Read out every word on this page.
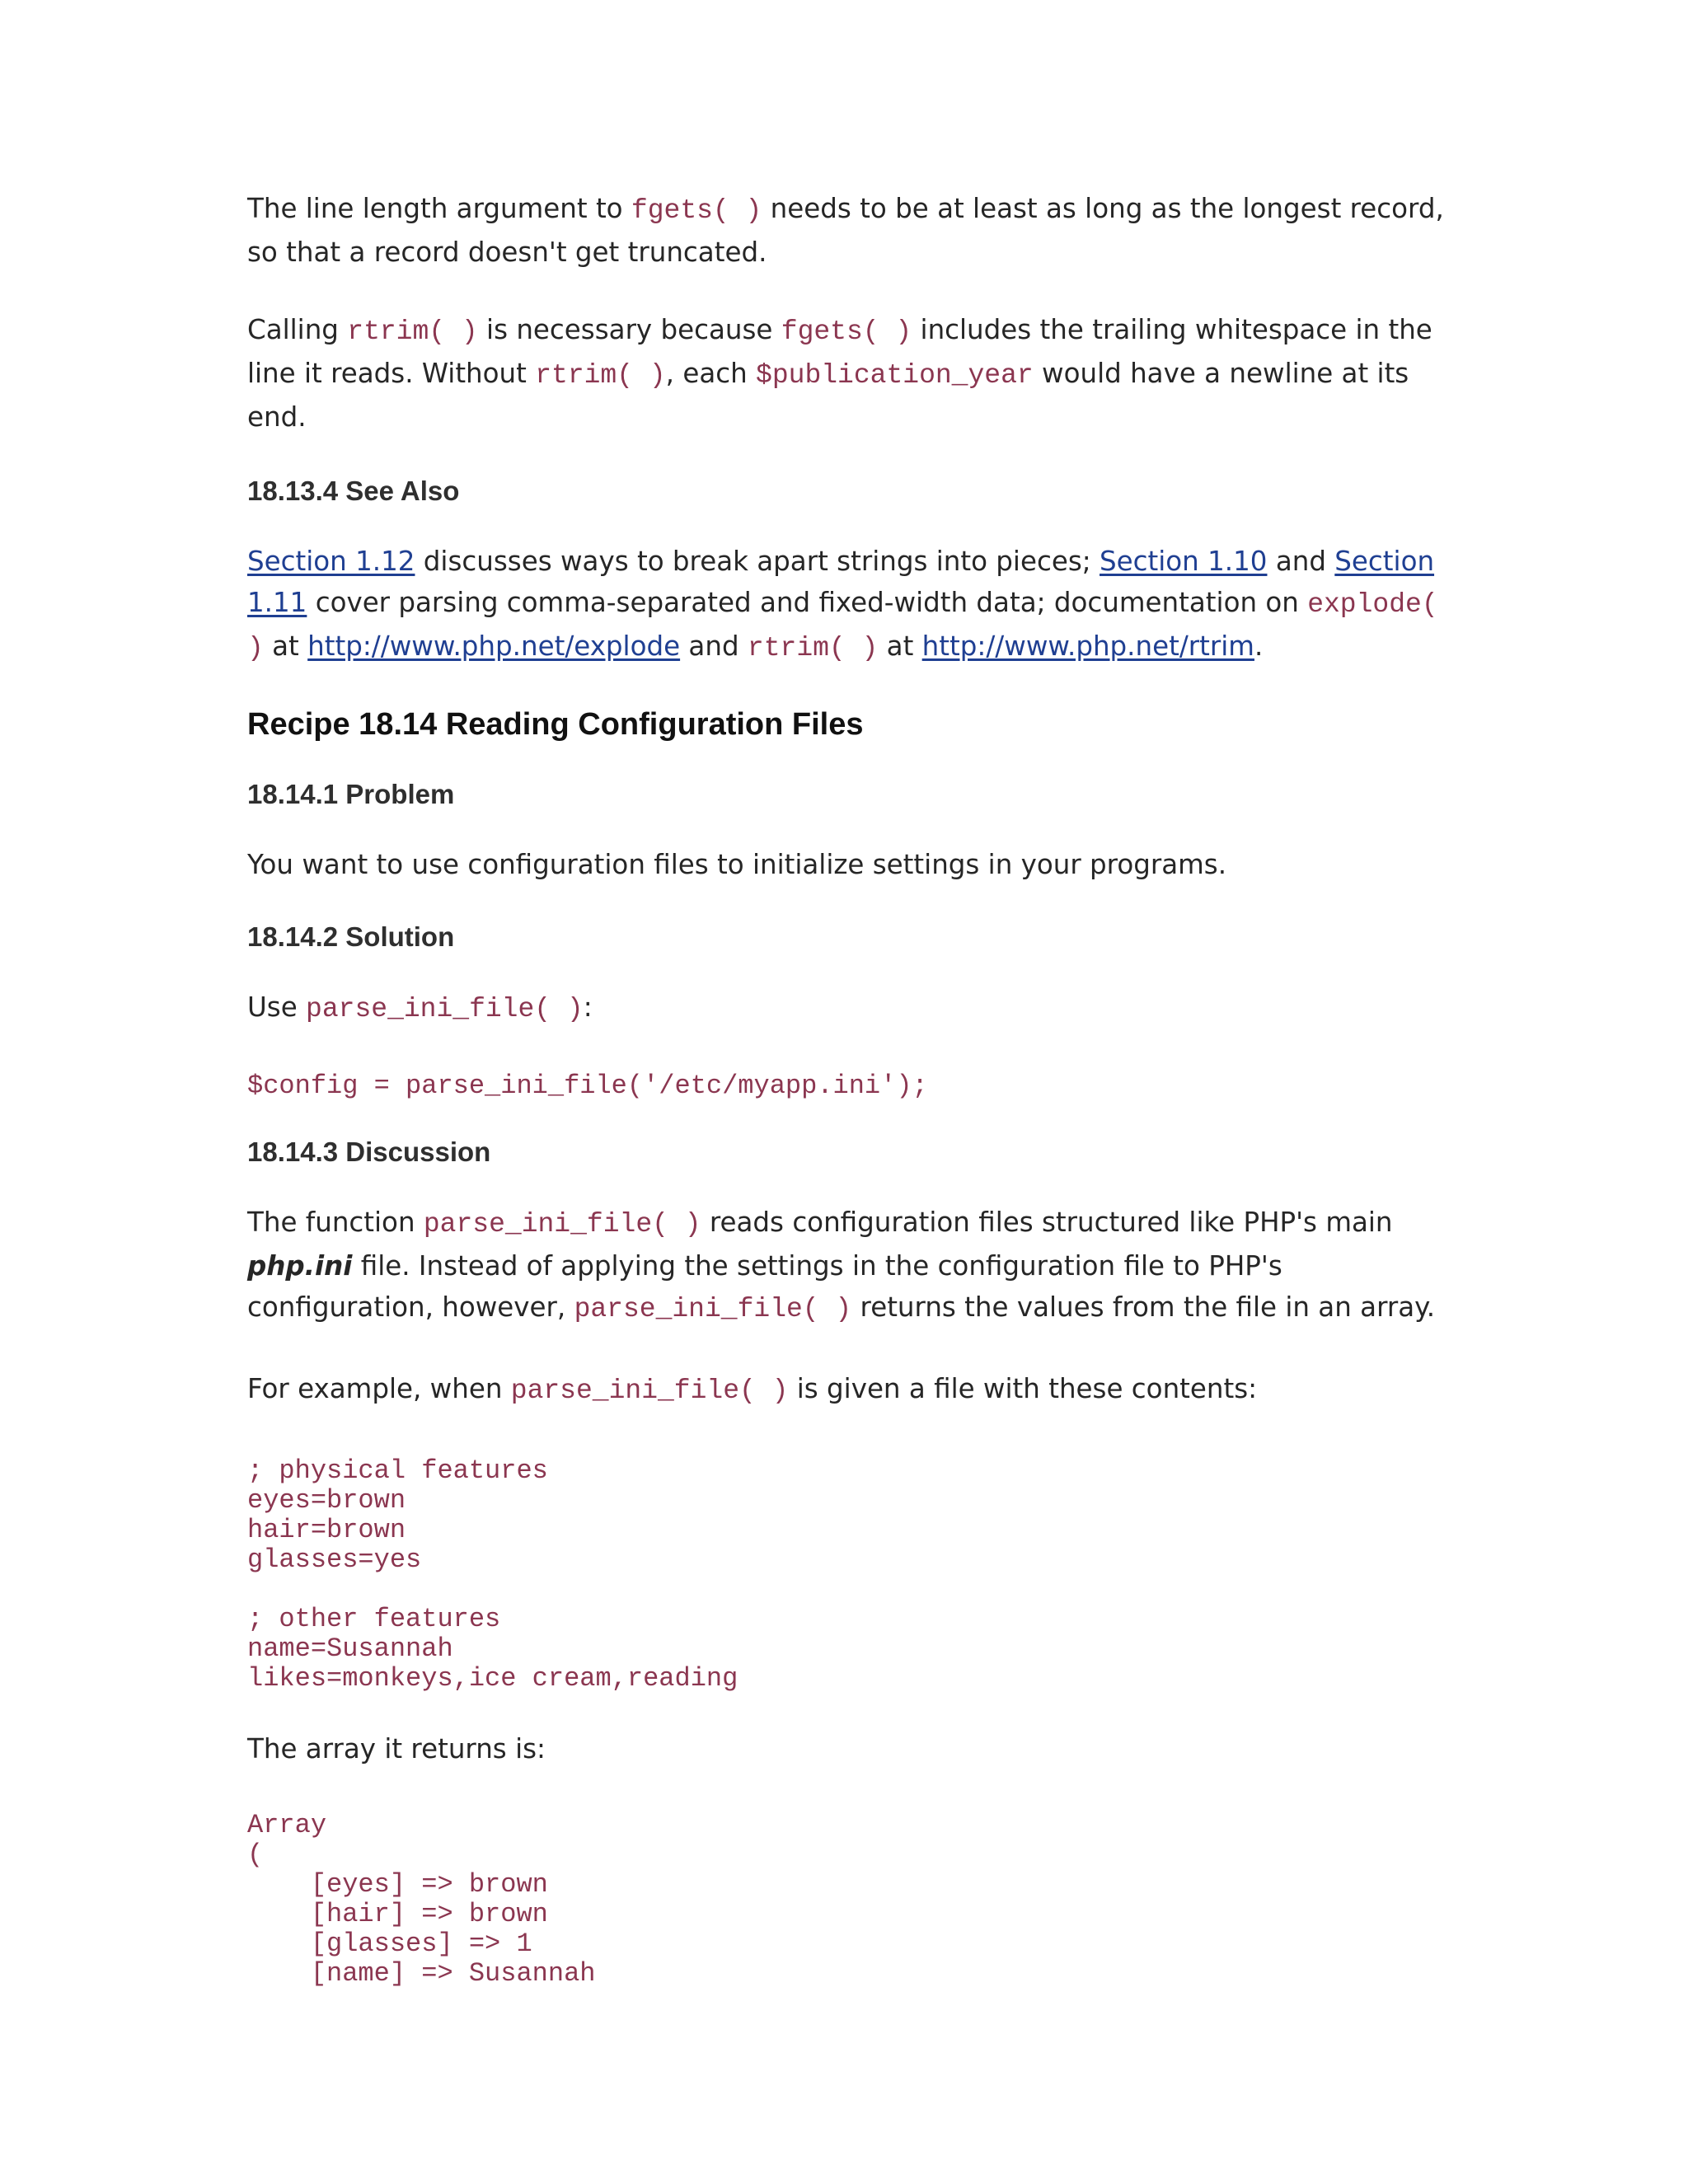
The line length argument to fgets( ) needs to be at least as long as the longest record, so that a record doesn't get truncated.

Calling rtrim( ) is necessary because fgets( ) includes the trailing whitespace in the line it reads. Without rtrim( ), each $publication_year would have a newline at its end.

18.13.4 See Also

Section 1.12 discusses ways to break apart strings into pieces; Section 1.10 and Section 1.11 cover parsing comma-separated and fixed-width data; documentation on explode( ) at http://www.php.net/explode and rtrim( ) at http://www.php.net/rtrim.

Recipe 18.14 Reading Configuration Files
18.14.1 Problem

You want to use configuration files to initialize settings in your programs.

18.14.2 Solution

Use parse_ini_file( ):

$config = parse_ini_file('/etc/myapp.ini');
18.14.3 Discussion

The function parse_ini_file( ) reads configuration files structured like PHP's main php.ini file. Instead of applying the settings in the configuration file to PHP's configuration, however, parse_ini_file( ) returns the values from the file in an array.

For example, when parse_ini_file( ) is given a file with these contents:

; physical features
eyes=brown
hair=brown
glasses=yes

; other features
name=Susannah
likes=monkeys,ice cream,reading

The array it returns is:

Array
(
[eyes] => brown
[hair] => brown
[glasses] => 1
[name] => Susannah
